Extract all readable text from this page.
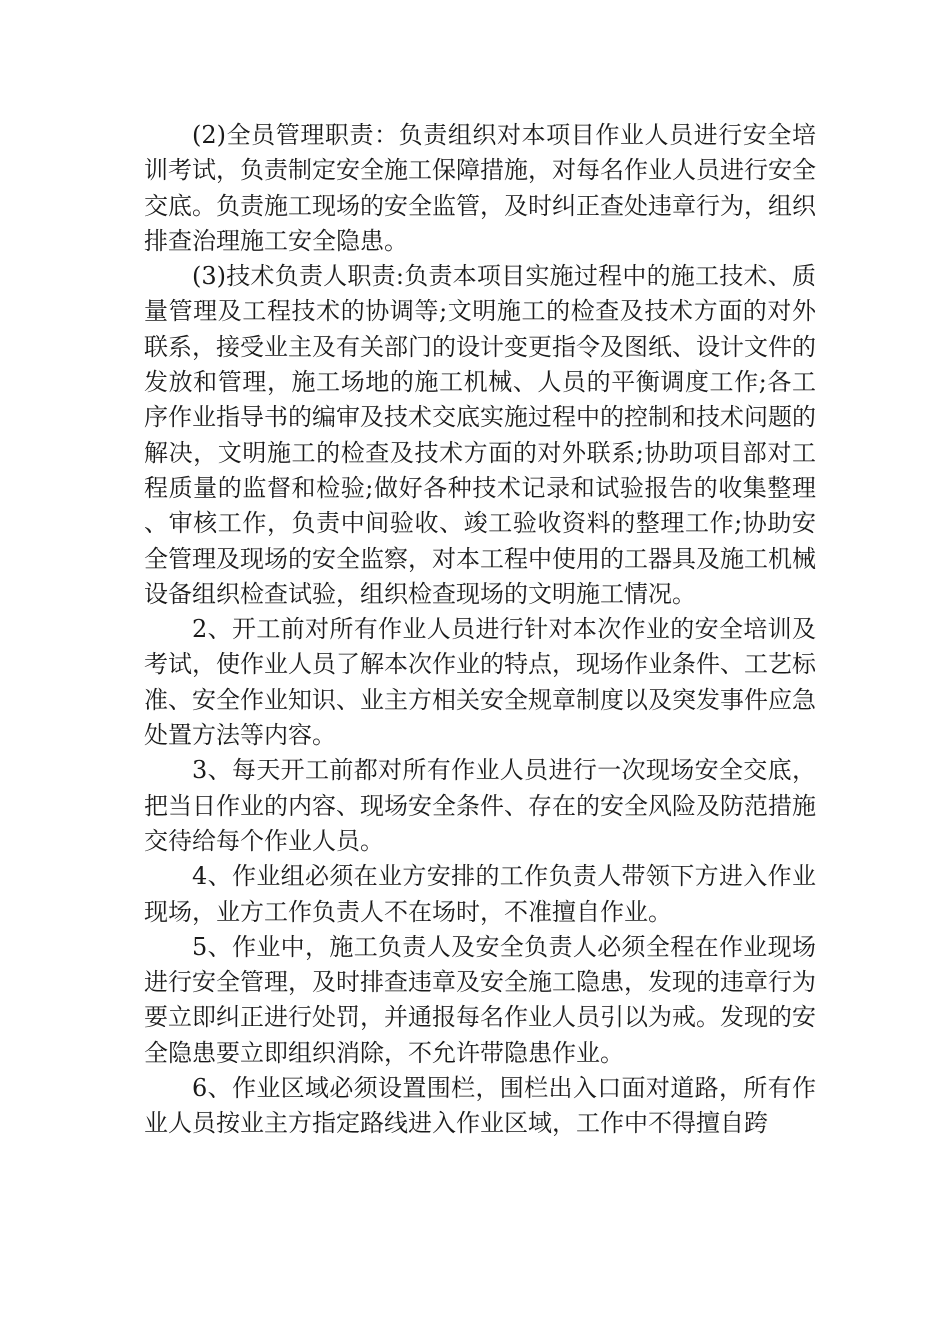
(2)全员管理职责：负责组织对本项目作业人员进行安全培训考试，负责制定安全施工保障措施，对每名作业人员进行安全交底。负责施工现场的安全监管，及时纠正查处违章行为，组织排查治理施工安全隐患。

(3)技术负责人职责:负责本项目实施过程中的施工技术、质量管理及工程技术的协调等;文明施工的检查及技术方面的对外联系，接受业主及有关部门的设计变更指令及图纸、设计文件的发放和管理，施工场地的施工机械、人员的平衡调度工作;各工序作业指导书的编审及技术交底实施过程中的控制和技术问题的解决，文明施工的检查及技术方面的对外联系;协助项目部对工程质量的监督和检验;做好各种技术记录和试验报告的收集整理、审核工作，负责中间验收、竣工验收资料的整理工作;协助安全管理及现场的安全监察，对本工程中使用的工器具及施工机械设备组织检查试验，组织检查现场的文明施工情况。

2、开工前对所有作业人员进行针对本次作业的安全培训及考试，使作业人员了解本次作业的特点，现场作业条件、工艺标准、安全作业知识、业主方相关安全规章制度以及突发事件应急处置方法等内容。

3、每天开工前都对所有作业人员进行一次现场安全交底，把当日作业的内容、现场安全条件、存在的安全风险及防范措施交待给每个作业人员。

4、作业组必须在业方安排的工作负责人带领下方进入作业现场，业方工作负责人不在场时，不准擅自作业。

5、作业中，施工负责人及安全负责人必须全程在作业现场进行安全管理，及时排查违章及安全施工隐患，发现的违章行为要立即纠正进行处罚，并通报每名作业人员引以为戒。发现的安全隐患要立即组织消除，不允许带隐患作业。

6、作业区域必须设置围栏，围栏出入口面对道路，所有作业人员按业主方指定路线进入作业区域，工作中不得擅自跨
